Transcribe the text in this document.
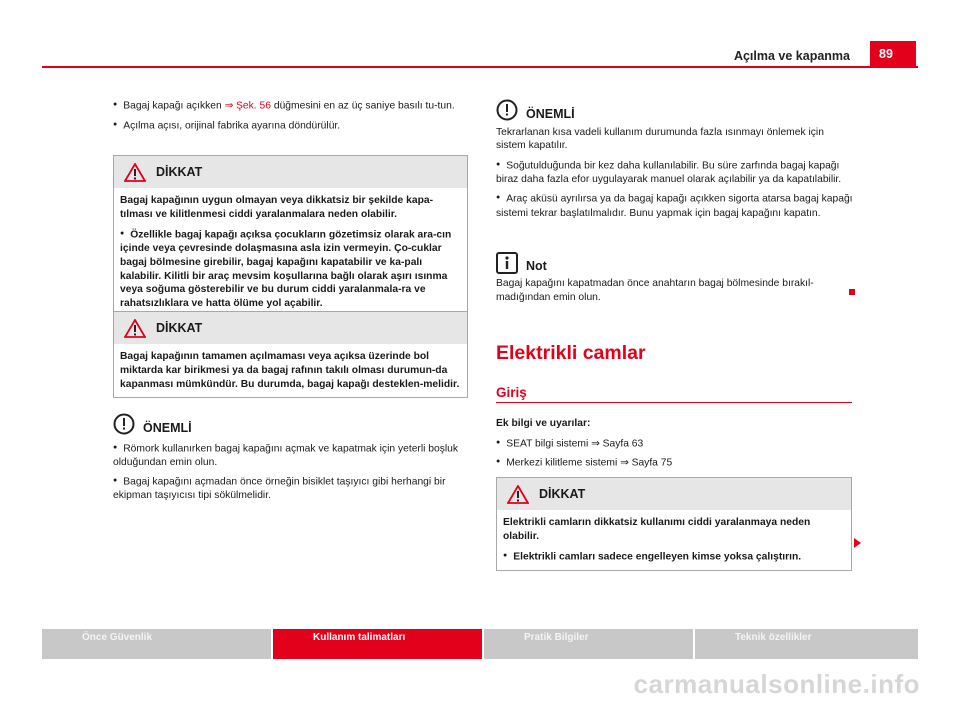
Açılma ve kapanma	89

● Bagaj kapağı açıkken ⇒ Şek. 56 düğmesini en az üç saniye basılı tu-tun.

● Açılma açısı, orijinal fabrika ayarına döndürülür.

DİKKAT

Bagaj kapağının uygun olmayan veya dikkatsiz bir şekilde kapa-tılması ve kilitlenmesi ciddi yaralanmalara neden olabilir.

● Özellikle bagaj kapağı açıksa çocukların gözetimsiz olarak ara-cın içinde veya çevresinde dolaşmasına asla izin vermeyin. Ço-cuklar bagaj bölmesine girebilir, bagaj kapağını kapatabilir ve ka-palı kalabilir. Kilitli bir araç mevsim koşullarına bağlı olarak aşırı ısınma veya soğuma gösterebilir ve bu durum ciddi yaralanmala-ra ve rahatsızlıklara ve hatta ölüme yol açabilir.

DİKKAT

Bagaj kapağının tamamen açılmaması veya açıksa üzerinde bol miktarda kar birikmesi ya da bagaj rafının takılı olması durumun-da kapanması mümkündür. Bu durumda, bagaj kapağı desteklen-melidir.

ÖNEMLİ

● Römork kullanırken bagaj kapağını açmak ve kapatmak için yeterli boşluk olduğundan emin olun.

● Bagaj kapağını açmadan önce örneğin bisiklet taşıyıcı gibi herhangi bir ekipman taşıyıcısı tipi sökülmelidir.

ÖNEMLİ

Tekrarlanan kısa vadeli kullanım durumunda fazla ısınmayı önlemek için sistem kapatılır.

● Soğutulduğunda bir kez daha kullanılabilir. Bu süre zarfında bagaj kapağı biraz daha fazla efor uygulayarak manuel olarak açılabilir ya da kapatılabilir.

● Araç aküsü ayrılırsa ya da bagaj kapağı açıkken sigorta atarsa bagaj kapağı sistemi tekrar başlatılmalıdır. Bunu yapmak için bagaj kapağını kapatın.

Not

Bagaj kapağını kapatmadan önce anahtarın bagaj bölmesinde bırakıl-madığından emin olun.

Elektrikli camlar
Giriş

Ek bilgi ve uyarılar:

● SEAT bilgi sistemi ⇒ Sayfa 63

● Merkezi kilitleme sistemi ⇒ Sayfa 75

DİKKAT

Elektrikli camların dikkatsiz kullanımı ciddi yaralanmaya neden olabilir.

● Elektrikli camları sadece engelleyen kimse yoksa çalıştırın.

Önce Güvenlik	Kullanım talimatları	Pratik Bilgiler	Teknik özellikler
carmanualsonline.info
